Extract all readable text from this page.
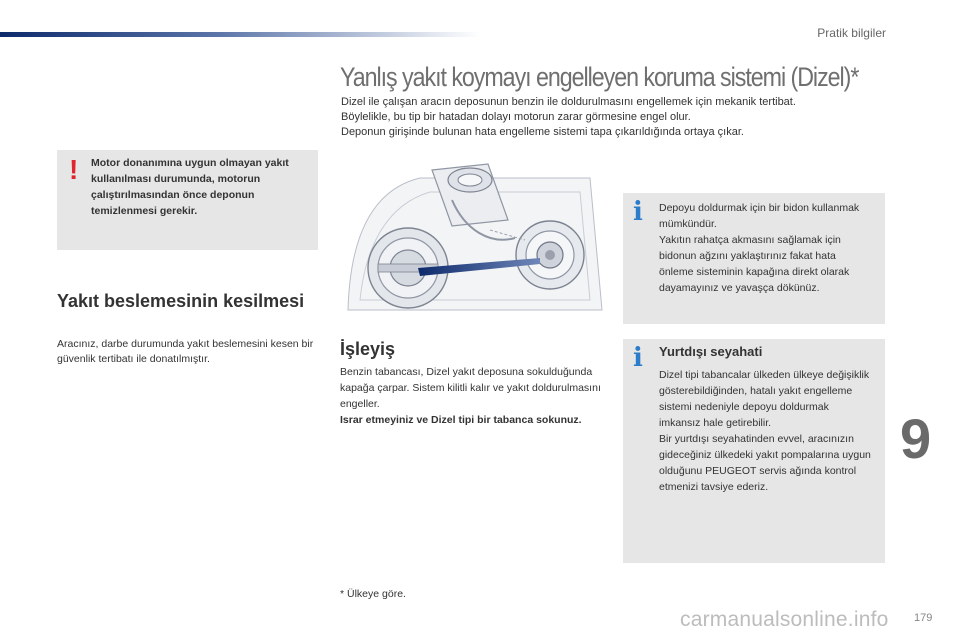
Pratik bilgiler
Yanlış yakıt koymayı engelleyen koruma sistemi (Dizel)*

Dizel ile çalışan aracın deposunun benzin ile doldurulmasını engellemek için mekanik tertibat.

Böylelikle, bu tip bir hatadan dolayı motorun zarar görmesine engel olur.

Deponun girişinde bulunan hata engelleme sistemi tapa çıkarıldığında ortaya çıkar.

! Motor donanımına uygun olmayan yakıt kullanılması durumunda, motorun çalıştırılmasından önce deponun temizlenmesi gerekir.
Yakıt beslemesinin kesilmesi
Aracınız, darbe durumunda yakıt beslemesini kesen bir güvenlik tertibatı ile donatılmıştır.	İşleyiş
Benzin tabancası, Dizel yakıt deposuna sokulduğunda kapağa çarpar. Sistem kilitli kalır ve yakıt doldurulmasını engeller.
Israr etmeyiniz ve Dizel tipi bir tabanca sokunuz.
i Depoyu doldurmak için bir bidon kullanmak mümkündür.
Yakıtın rahatça akmasını sağlamak için bidonun ağzını yaklaştırınız fakat hata önleme sisteminin kapağına direkt olarak dayamayınız ve yavaşça dökünüz.
i Yurtdışı seyahati
Dizel tipi tabancalar ülkeden ülkeye değişiklik gösterebildiğinden, hatalı yakıt engelleme sistemi nedeniyle depoyu doldurmak imkansız hale getirebilir.
Bir yurtdışı seyahatinden evvel, aracınızın gideceğiniz ülkedeki yakıt pompalarına uygun olduğunu PEUGEOT servis ağında kontrol etmenizi tavsiye ederiz.
9
* Ülkeye göre.
carmanualsonline.info 179
